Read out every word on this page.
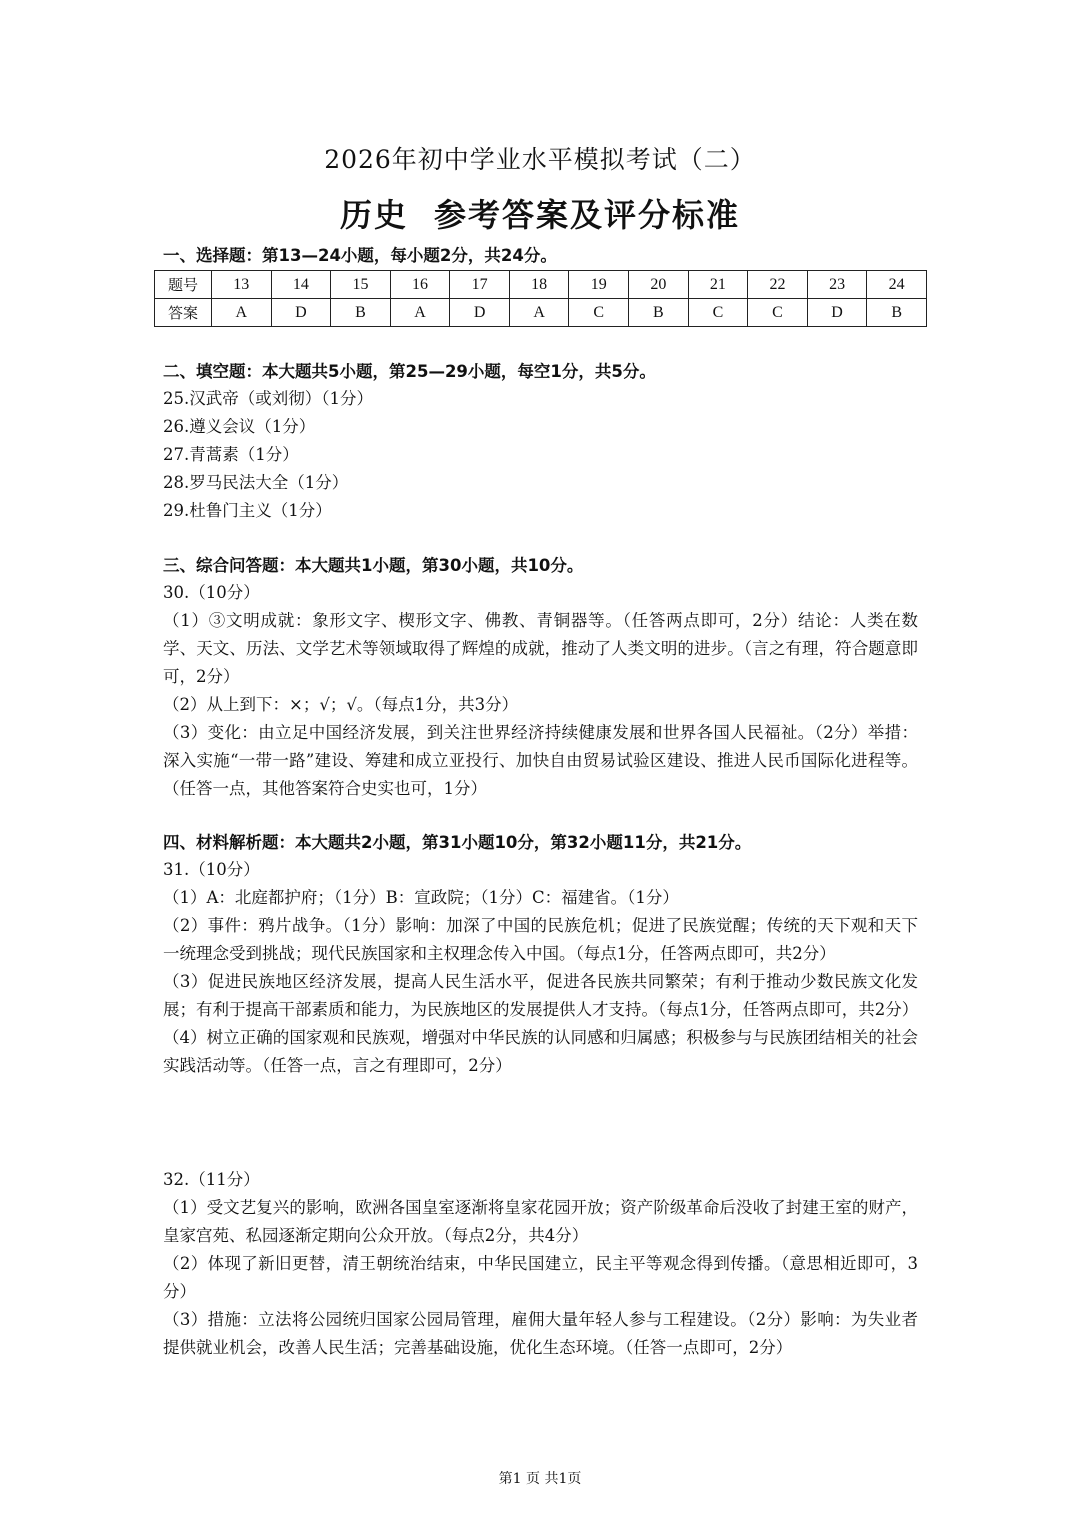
2026年初中学业水平模拟考试（二）
历史 参考答案及评分标准
一、选择题：第13—24小题，每小题2分，共24分。
题号	13	14	15	16	17	18	19	20	21	22	23	24
答案	A	D	B	A	D	A	C	B	C	C	D	B
二、填空题：本大题共5小题，第25—29小题，每空1分，共5分。
25.汉武帝（或刘彻）（1分）
26.遵义会议（1分）
27.青蒿素（1分）
28.罗马民法大全（1分）
29.杜鲁门主义（1分）
三、综合问答题：本大题共1小题，第30小题，共10分。
30.（10分）
（1）③文明成就：象形文字、楔形文字、佛教、青铜器等。（任答两点即可，2分）结论：人类在数学、天文、历法、文学艺术等领域取得了辉煌的成就，推动了人类文明的进步。（言之有理，符合题意即可，2分）
（2）从上到下：×；√；√。（每点1分，共3分）
（3）变化：由立足中国经济发展，到关注世界经济持续健康发展和世界各国人民福祉。（2分）举措：深入实施“一带一路”建设、筹建和成立亚投行、加快自由贸易试验区建设、推进人民币国际化进程等。（任答一点，其他答案符合史实也可，1分）
四、材料解析题：本大题共2小题，第31小题10分，第32小题11分，共21分。
31.（10分）
（1）A：北庭都护府；（1分）B：宣政院；（1分）C：福建省。（1分）
（2）事件：鸦片战争。（1分）影响：加深了中国的民族危机；促进了民族觉醒；传统的天下观和天下一统理念受到挑战；现代民族国家和主权理念传入中国。（每点1分，任答两点即可，共2分）
（3）促进民族地区经济发展，提高人民生活水平，促进各民族共同繁荣；有利于推动少数民族文化发展；有利于提高干部素质和能力，为民族地区的发展提供人才支持。（每点1分，任答两点即可，共2分）
（4）树立正确的国家观和民族观，增强对中华民族的认同感和归属感；积极参与与民族团结相关的社会实践活动等。（任答一点，言之有理即可，2分）
32.（11分）
（1）受文艺复兴的影响，欧洲各国皇室逐渐将皇家花园开放；资产阶级革命后没收了封建王室的财产，皇家宫苑、私园逐渐定期向公众开放。（每点2分，共4分）
（2）体现了新旧更替，清王朝统治结束，中华民国建立，民主平等观念得到传播。（意思相近即可，3分）
（3）措施：立法将公园统归国家公园局管理，雇佣大量年轻人参与工程建设。（2分）影响：为失业者提供就业机会，改善人民生活；完善基础设施，优化生态环境。（任答一点即可，2分）
第1 页 共1页
